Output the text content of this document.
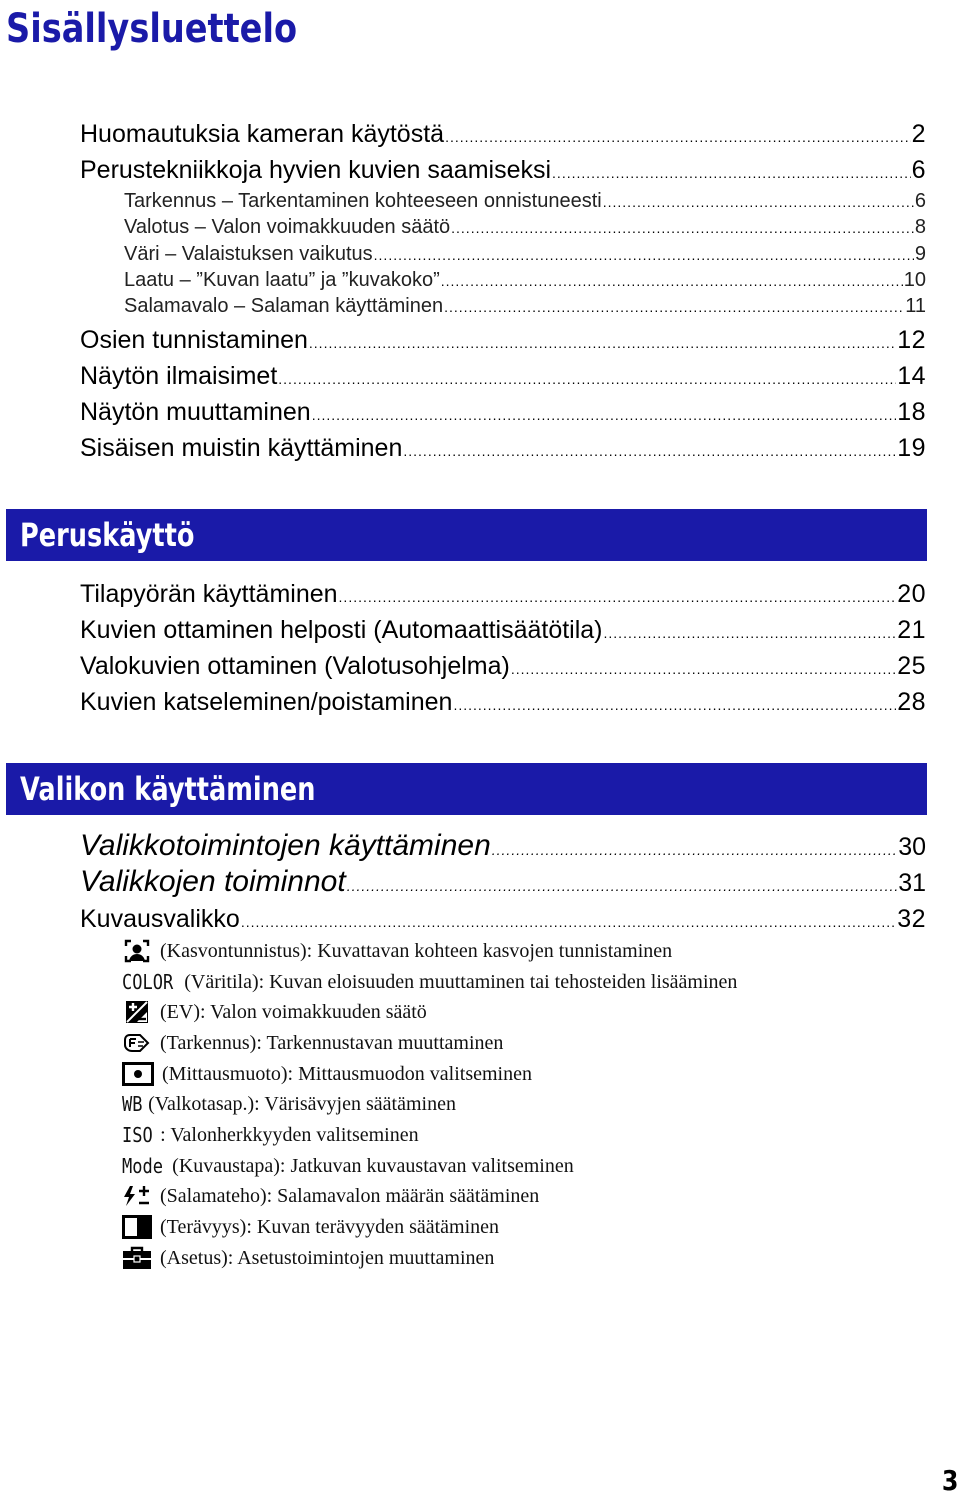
Sisällysluettelo
Huomautuksia kameran käytöstä .....	2
Perustekniikkoja hyvien kuvien saamiseksi .....	6
Tarkennus – Tarkentaminen kohteeseen onnistuneesti .....	6
Valotus – Valon voimakkuuden säätö .....	8
Väri – Valaistuksen vaikutus .....	9
Laatu – ”Kuvan laatu” ja ”kuvakoko” .....	10
Salamavalo – Salaman käyttäminen .....	11
Osien tunnistaminen .....	12
Näytön ilmaisimet .....	14
Näytön muuttaminen .....	18
Sisäisen muistin käyttäminen .....	19
Peruskäyttö
Tilapyörän käyttäminen .....	20
Kuvien ottaminen helposti (Automaattisäätötila) .....	21
Valokuvien ottaminen (Valotusohjelma) .....	25
Kuvien katseleminen/poistaminen .....	28
Valikon käyttäminen
Valikkotoimintojen käyttäminen .....	30
Valikkojen toiminnot .....	31
Kuvausvalikko .....	32
(Kasvontunnistus): Kuvattavan kohteen kasvojen tunnistaminen
COLOR (Väritila): Kuvan eloisuuden muuttaminen tai tehosteiden lisääminen
(EV): Valon voimakkuuden säätö
(Tarkennus): Tarkennustavan muuttaminen
(Mittausmuoto): Mittausmuodon valitseminen
WB (Valkotasap.): Värisävyjen säätäminen
ISO : Valonherkkyyden valitseminen
Mode (Kuvaustapa): Jatkuvan kuvaustavan valitseminen
(Salamateho): Salamavalon määrän säätäminen
(Terävyys): Kuvan terävyyden säätäminen
(Asetus): Asetustoimintojen muuttaminen
3
